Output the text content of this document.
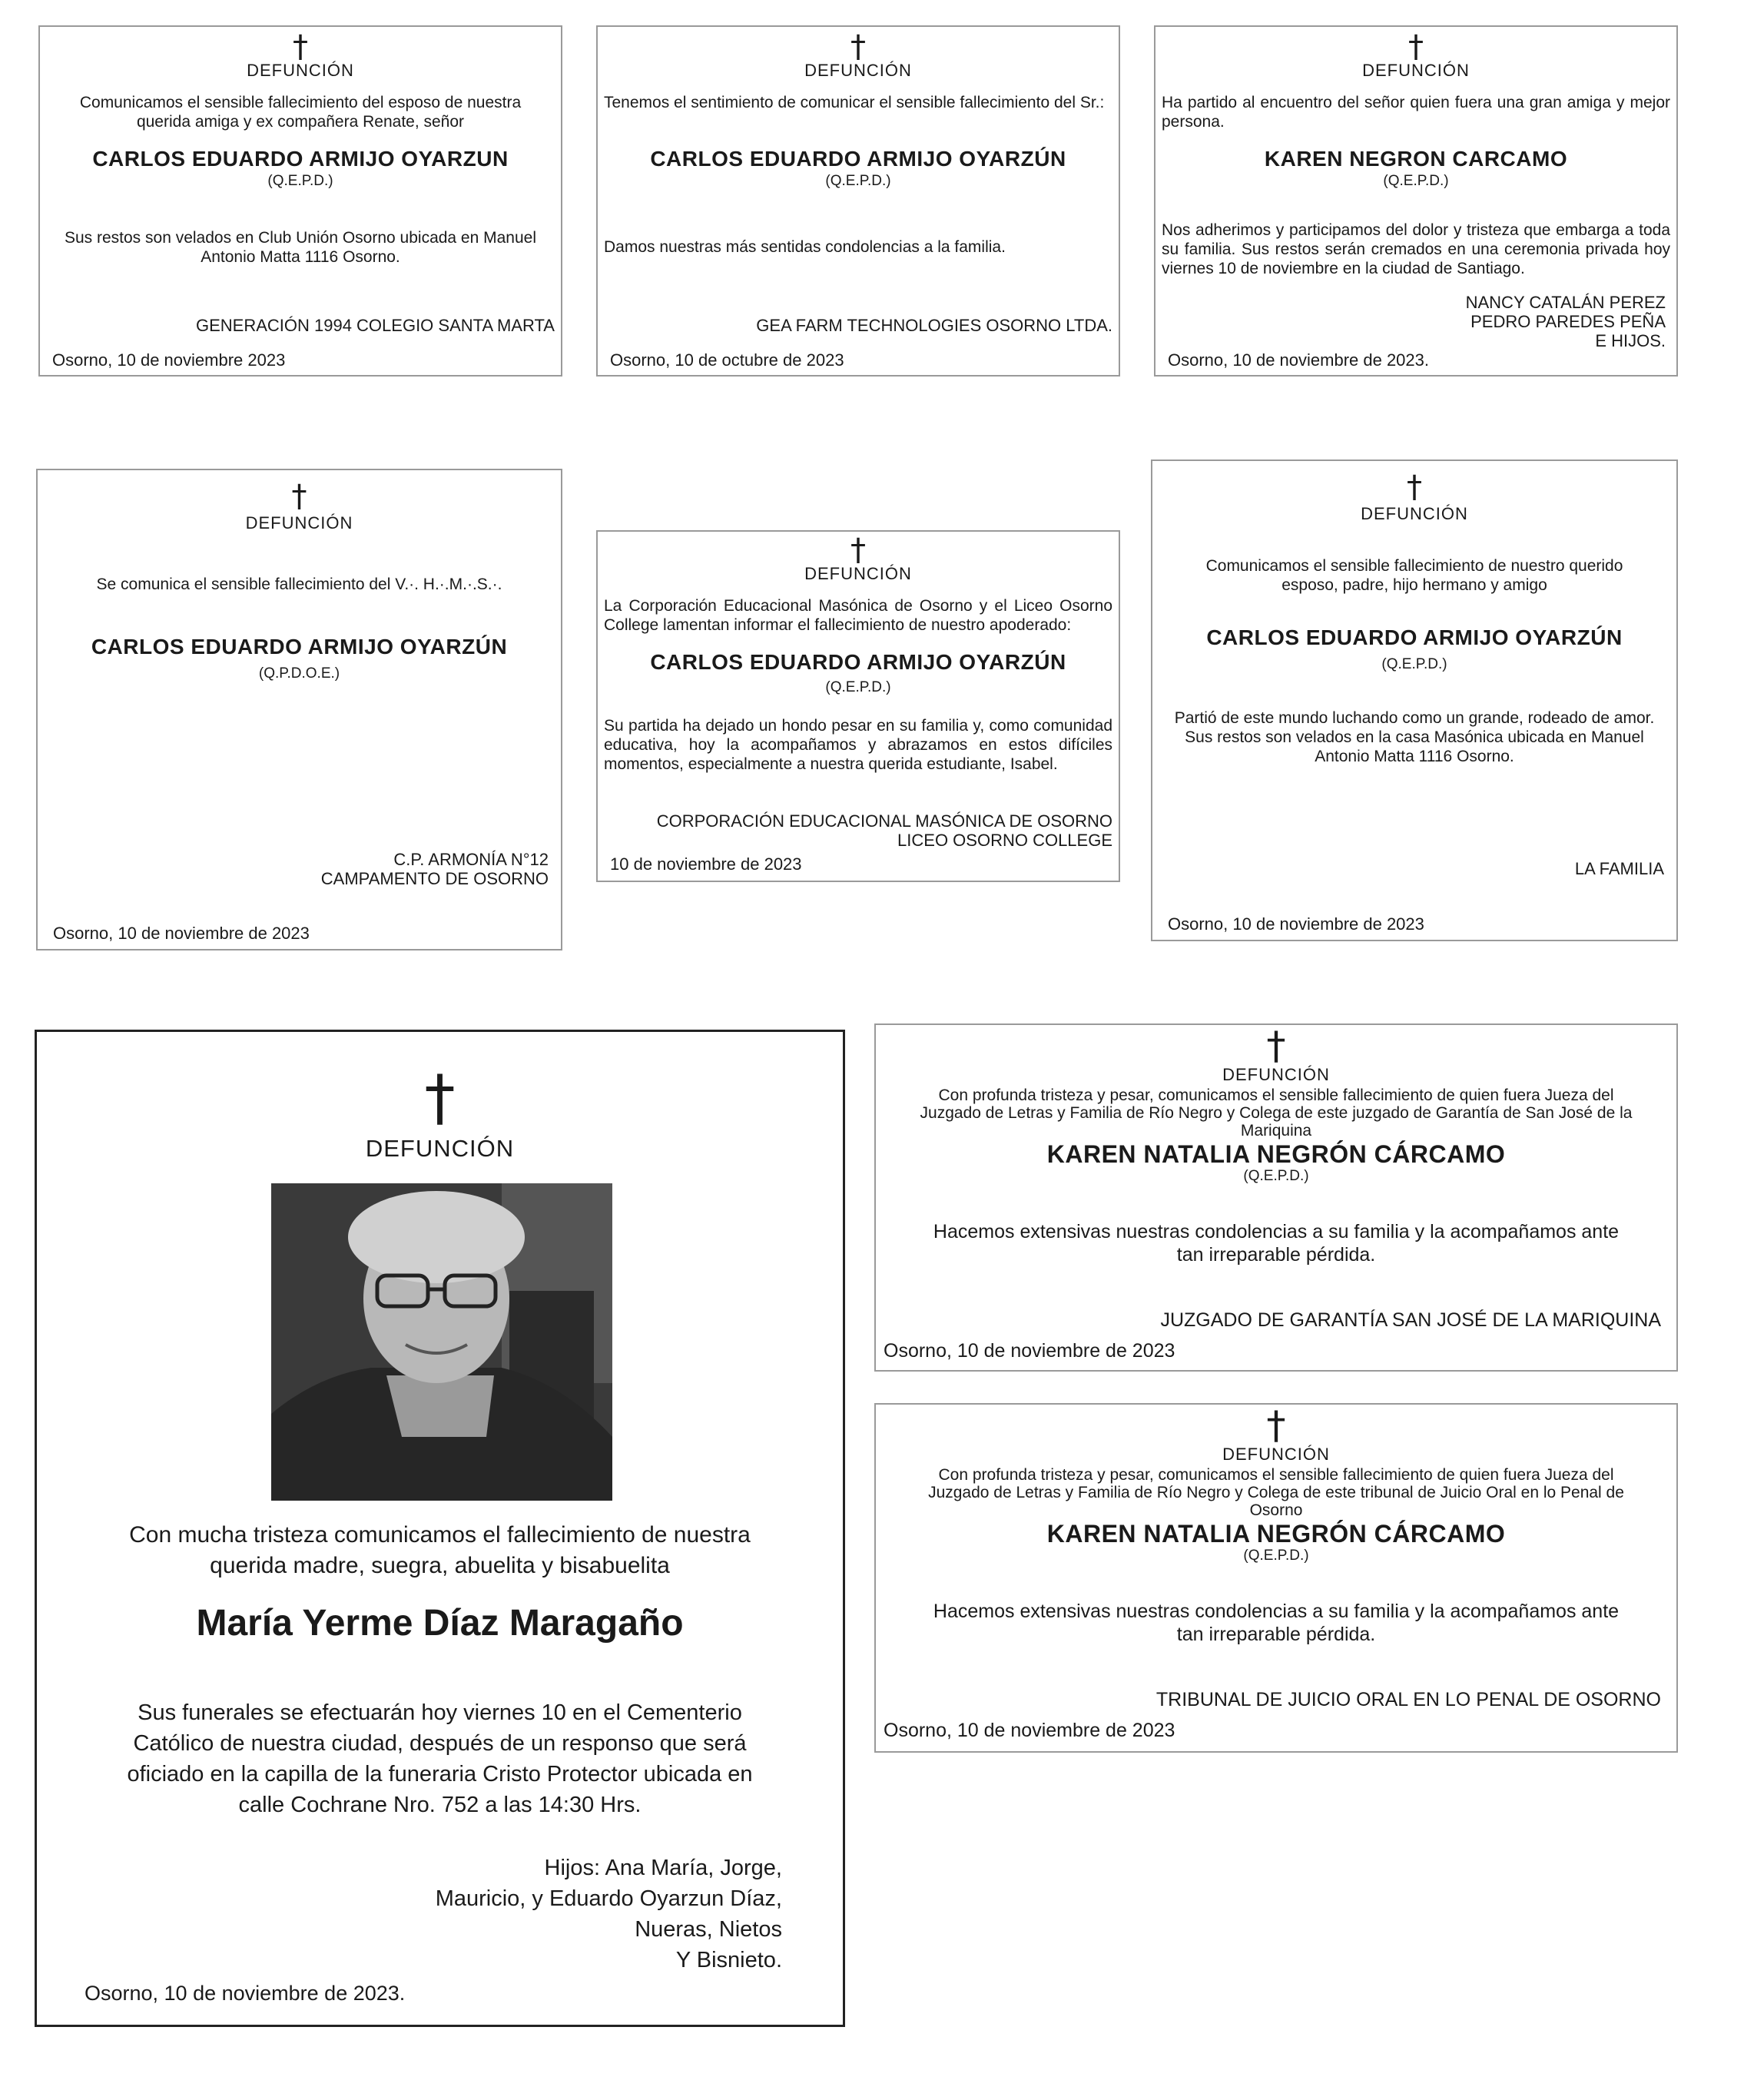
†
DEFUNCIÓN
Comunicamos el sensible fallecimiento del esposo de nuestra querida amiga y ex compañera Renate, señor
CARLOS EDUARDO ARMIJO OYARZUN
(Q.E.P.D.)
Sus restos son velados en Club Unión Osorno ubicada en Manuel Antonio Matta 1116 Osorno.
GENERACIÓN 1994 COLEGIO SANTA MARTA
Osorno, 10 de noviembre 2023
†
DEFUNCIÓN
Tenemos el sentimiento de comunicar el sensible fallecimiento del Sr.:
CARLOS EDUARDO ARMIJO OYARZÚN
(Q.E.P.D.)
Damos nuestras más sentidas condolencias a la familia.
GEA FARM TECHNOLOGIES OSORNO LTDA.
Osorno, 10 de octubre de 2023
†
DEFUNCIÓN
Ha partido al encuentro del señor quien fuera una gran amiga y mejor persona.
KAREN NEGRON CARCAMO
(Q.E.P.D.)
Nos adherimos y participamos del dolor y tristeza que embarga a toda su familia. Sus restos serán cremados en una ceremonia privada hoy viernes 10 de noviembre en la ciudad de Santiago.
NANCY CATALÁN PEREZ
PEDRO PAREDES PEÑA
E HIJOS.
Osorno, 10 de noviembre de 2023.
†
DEFUNCIÓN
Se comunica el sensible fallecimiento del V.·. H.·.M.·.S.·.
CARLOS EDUARDO ARMIJO OYARZÚN
(Q.P.D.O.E.)
C.P. ARMONÍA N°12
CAMPAMENTO DE OSORNO
Osorno, 10 de noviembre de 2023
†
DEFUNCIÓN
La Corporación Educacional Masónica de Osorno y el Liceo Osorno College lamentan informar el fallecimiento de nuestro apoderado:
CARLOS EDUARDO ARMIJO OYARZÚN
(Q.E.P.D.)
Su partida ha dejado un hondo pesar en su familia y, como comunidad educativa, hoy la acompañamos y abrazamos en estos difíciles momentos, especialmente a nuestra querida estudiante, Isabel.
CORPORACIÓN EDUCACIONAL MASÓNICA DE OSORNO
LICEO OSORNO COLLEGE
10 de noviembre de 2023
†
DEFUNCIÓN
Comunicamos el sensible fallecimiento de nuestro querido esposo, padre, hijo hermano y amigo
CARLOS EDUARDO ARMIJO OYARZÚN
(Q.E.P.D.)
Partió de este mundo luchando como un grande, rodeado de amor. Sus restos son velados en la casa Masónica ubicada en Manuel Antonio Matta 1116 Osorno.
LA FAMILIA
Osorno, 10 de noviembre de 2023
†
DEFUNCIÓN
Con mucha tristeza comunicamos el fallecimiento de nuestra querida madre, suegra, abuelita y bisabuelita
María Yerme Díaz Maragaño
Sus funerales se efectuarán hoy viernes 10 en el Cementerio Católico de nuestra ciudad, después de un responso que será oficiado en la capilla de la funeraria Cristo Protector ubicada en calle Cochrane Nro. 752 a las 14:30 Hrs.
Hijos: Ana María, Jorge,
Mauricio, y Eduardo Oyarzun Díaz,
Nueras, Nietos
Y Bisnieto.
Osorno, 10 de noviembre de 2023.
†
DEFUNCIÓN
Con profunda tristeza y pesar, comunicamos el sensible fallecimiento de quien fuera Jueza del Juzgado de Letras y Familia de Río Negro y Colega de este juzgado de Garantía de San José de la Mariquina
KAREN NATALIA NEGRÓN CÁRCAMO
(Q.E.P.D.)
Hacemos extensivas nuestras condolencias a su familia y la acompañamos ante tan irreparable pérdida.
JUZGADO DE GARANTÍA SAN JOSÉ DE LA MARIQUINA
Osorno, 10 de noviembre de 2023
†
DEFUNCIÓN
Con profunda tristeza y pesar, comunicamos el sensible fallecimiento de quien fuera Jueza del Juzgado de Letras y Familia de Río Negro y Colega de este tribunal de Juicio Oral en lo Penal de Osorno
KAREN NATALIA NEGRÓN CÁRCAMO
(Q.E.P.D.)
Hacemos extensivas nuestras condolencias a su familia y la acompañamos ante tan irreparable pérdida.
TRIBUNAL DE JUICIO ORAL EN LO PENAL DE OSORNO
Osorno, 10 de noviembre de 2023
